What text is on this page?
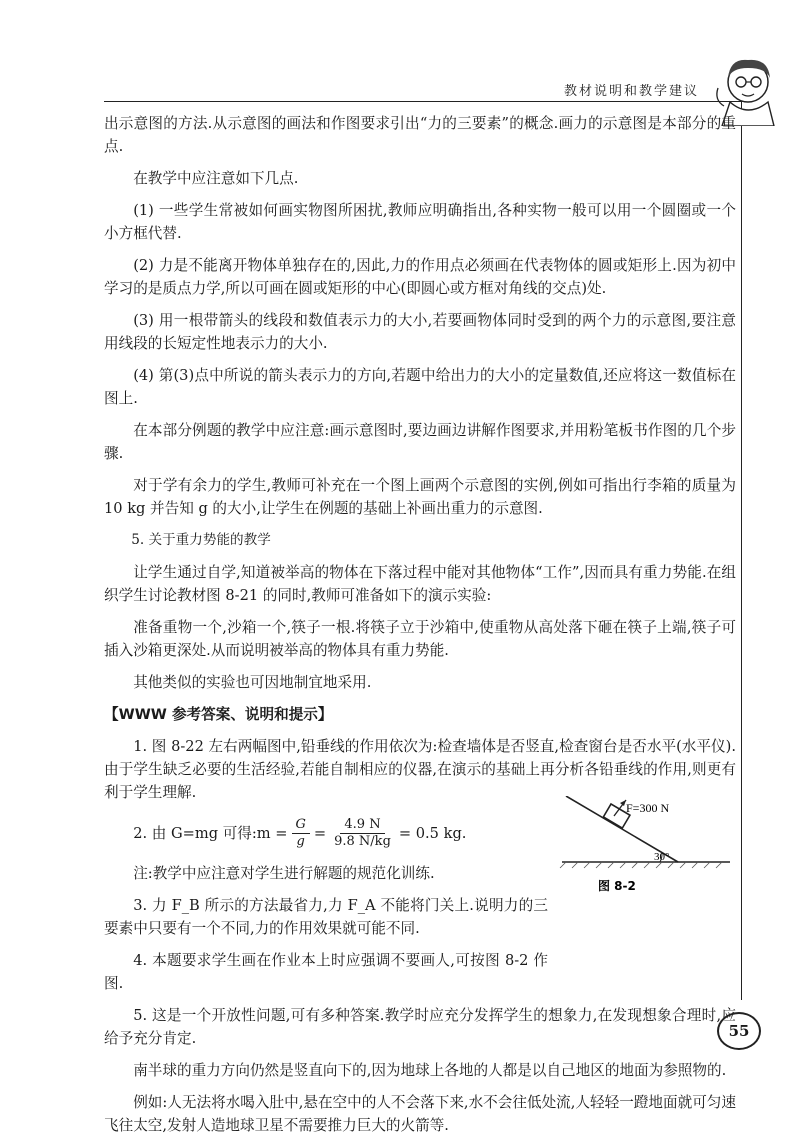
教材说明和教学建议

出示意图的方法.从示意图的画法和作图要求引出“力的三要素”的概念.画力的示意图是本部分的重点.

在教学中应注意如下几点.

(1) 一些学生常被如何画实物图所困扰,教师应明确指出,各种实物一般可以用一个圆圈或一个小方框代替.

(2) 力是不能离开物体单独存在的,因此,力的作用点必须画在代表物体的圆或矩形上.因为初中学习的是质点力学,所以可画在圆或矩形的中心(即圆心或方框对角线的交点)处.

(3) 用一根带箭头的线段和数值表示力的大小,若要画物体同时受到的两个力的示意图,要注意用线段的长短定性地表示力的大小.

(4) 第(3)点中所说的箭头表示力的方向,若题中给出力的大小的定量数值,还应将这一数值标在图上.

在本部分例题的教学中应注意:画示意图时,要边画边讲解作图要求,并用粉笔板书作图的几个步骤.

对于学有余力的学生,教师可补充在一个图上画两个示意图的实例,例如可指出行李箱的质量为 10 kg 并告知 g 的大小,让学生在例题的基础上补画出重力的示意图.

5. 关于重力势能的教学

让学生通过自学,知道被举高的物体在下落过程中能对其他物体“工作”,因而具有重力势能.在组织学生讨论教材图 8-21 的同时,教师可准备如下的演示实验:

准备重物一个,沙箱一个,筷子一根.将筷子立于沙箱中,使重物从高处落下砸在筷子上端,筷子可插入沙箱更深处.从而说明被举高的物体具有重力势能.

其他类似的实验也可因地制宜地采用.

【WWW 参考答案、说明和提示】

1. 图 8-22 左右两幅图中,铅垂线的作用依次为:检查墙体是否竖直,检查窗台是否水平(水平仪).由于学生缺乏必要的生活经验,若能自制相应的仪器,在演示的基础上再分析各铅垂线的作用,则更有利于学生理解.

2. 由 G=mg 可得:m = $\frac{G}{g} = \frac{4.9 N}{9.8 N/kg} = 0.5$ kg.

注:教学中应注意对学生进行解题的规范化训练.

3. 力 F_B 所示的方法最省力,力 F_A 不能将门关上.说明力的三要素中只要有一个不同,力的作用效果就可能不同.

4. 本题要求学生画在作业本上时应强调不要画人,可按图 8-2 作图.

5. 这是一个开放性问题,可有多种答案.教学时应充分发挥学生的想象力,在发现想象合理时,应给予充分肯定.

南半球的重力方向仍然是竖直向下的,因为地球上各地的人都是以自己地区的地面为参照物的.

例如:人无法将水喝入肚中,悬在空中的人不会落下来,水不会往低处流,人轻轻一蹬地面就可匀速飞往太空,发射人造地球卫星不需要推力巨大的火箭等.

F=300 N
30°
图 8-2
55
